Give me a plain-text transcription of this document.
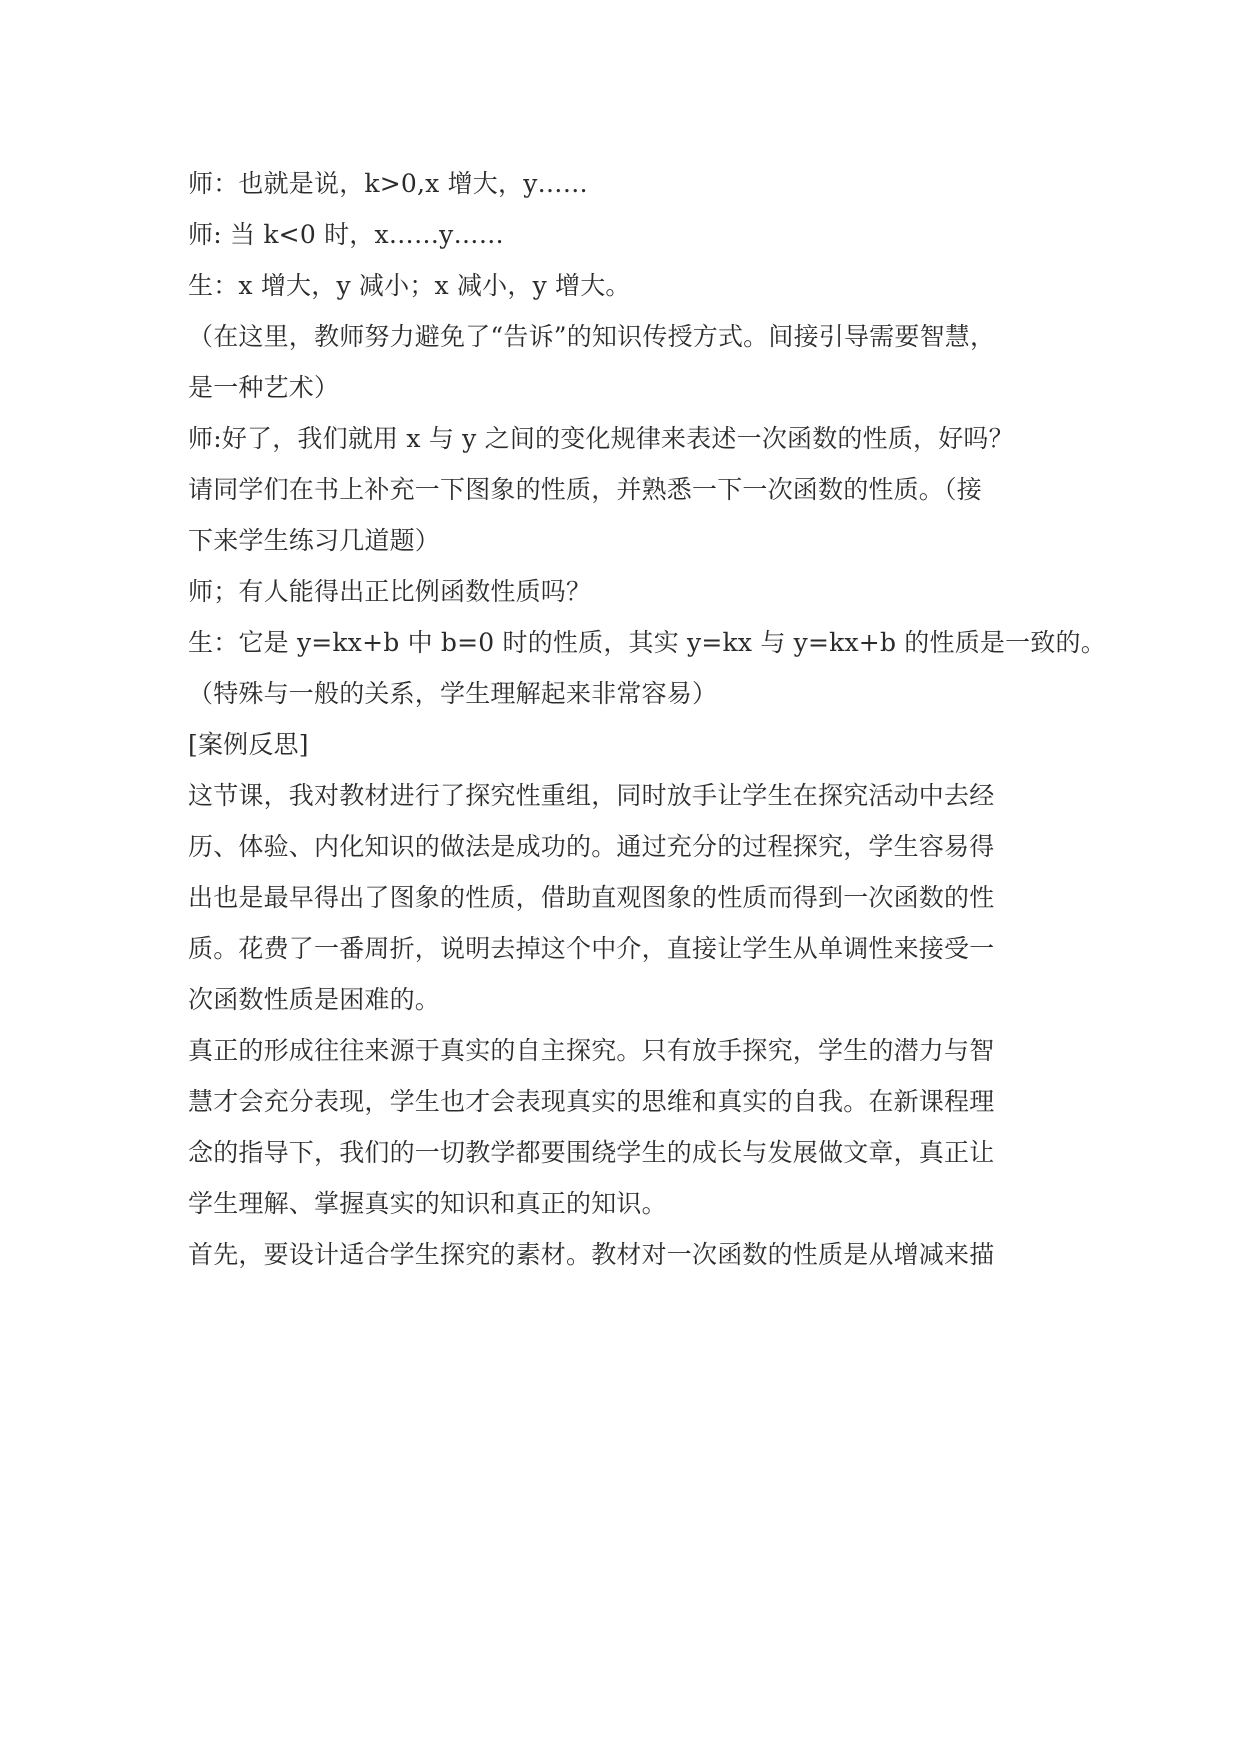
师：也就是说，k>0,x 增大，y……
师: 当 k<0 时，x……y……
生：x 增大，y 减小；x 减小，y 增大。
（在这里，教师努力避免了“告诉”的知识传授方式。间接引导需要智慧，
是一种艺术）
师:好了，我们就用 x 与 y 之间的变化规律来表述一次函数的性质，好吗？
请同学们在书上补充一下图象的性质，并熟悉一下一次函数的性质。（接
下来学生练习几道题）
师；有人能得出正比例函数性质吗？
生：它是 y=kx+b 中 b=0 时的性质，其实 y=kx 与 y=kx+b 的性质是一致的。
（特殊与一般的关系，学生理解起来非常容易）
[案例反思]
这节课，我对教材进行了探究性重组，同时放手让学生在探究活动中去经
历、体验、内化知识的做法是成功的。通过充分的过程探究，学生容易得
出也是最早得出了图象的性质，借助直观图象的性质而得到一次函数的性
质。花费了一番周折，说明去掉这个中介，直接让学生从单调性来接受一
次函数性质是困难的。
真正的形成往往来源于真实的自主探究。只有放手探究，学生的潜力与智
慧才会充分表现，学生也才会表现真实的思维和真实的自我。在新课程理
念的指导下，我们的一切教学都要围绕学生的成长与发展做文章，真正让
学生理解、掌握真实的知识和真正的知识。
首先，要设计适合学生探究的素材。教材对一次函数的性质是从增减来描
